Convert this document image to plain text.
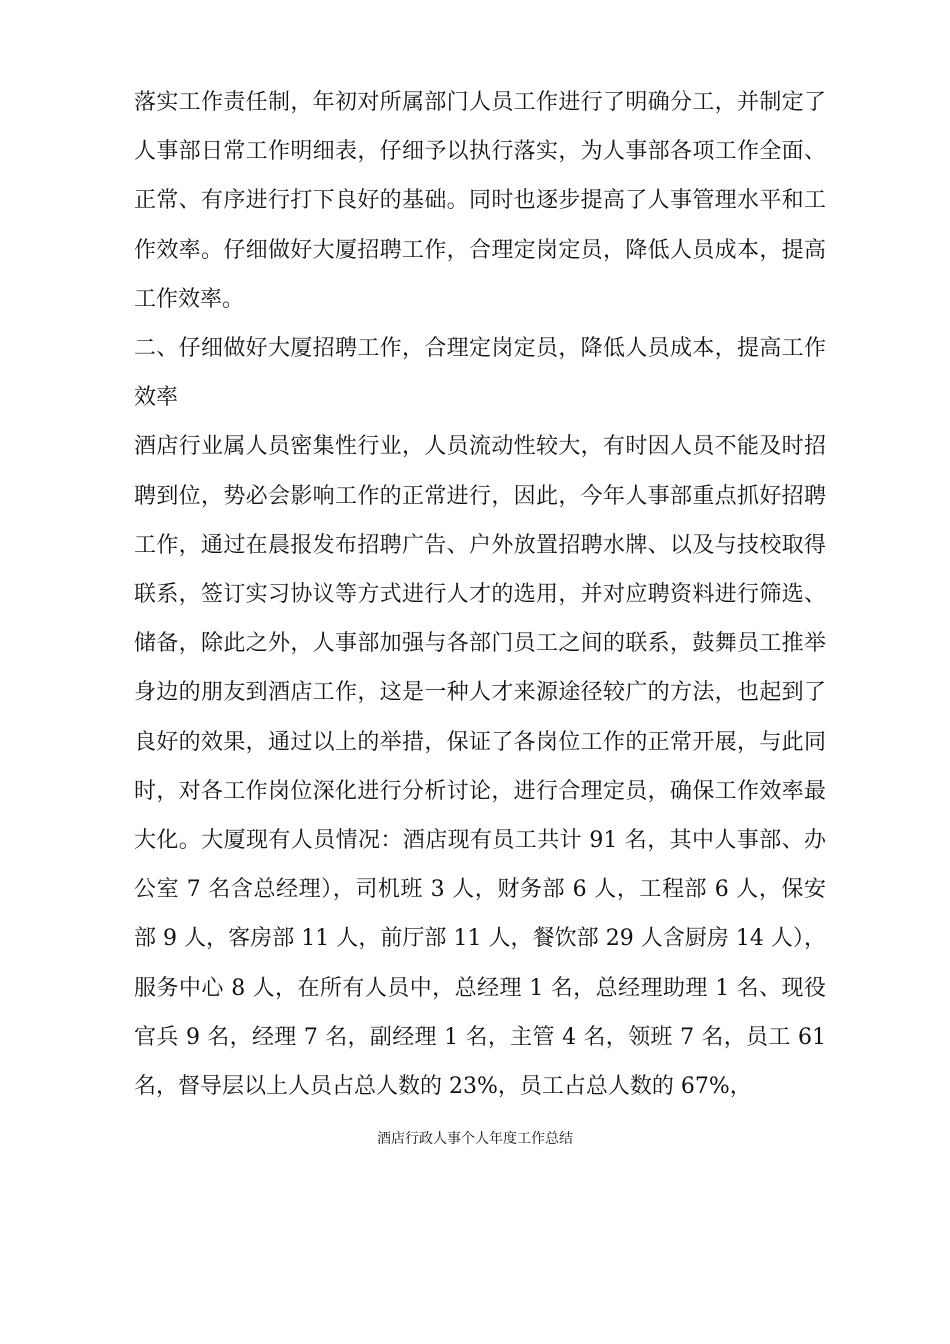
落实工作责任制，年初对所属部门人员工作进行了明确分工，并制定了人事部日常工作明细表，仔细予以执行落实，为人事部各项工作全面、正常、有序进行打下良好的基础。同时也逐步提高了人事管理水平和工作效率。仔细做好大厦招聘工作，合理定岗定员，降低人员成本，提高工作效率。

二、仔细做好大厦招聘工作，合理定岗定员，降低人员成本，提高工作效率

酒店行业属人员密集性行业，人员流动性较大，有时因人员不能及时招聘到位，势必会影响工作的正常进行，因此，今年人事部重点抓好招聘工作，通过在晨报发布招聘广告、户外放置招聘水牌、以及与技校取得联系，签订实习协议等方式进行人才的选用，并对应聘资料进行筛选、储备，除此之外，人事部加强与各部门员工之间的联系，鼓舞员工推举身边的朋友到酒店工作，这是一种人才来源途径较广的方法，也起到了良好的效果，通过以上的举措，保证了各岗位工作的正常开展，与此同时，对各工作岗位深化进行分析讨论，进行合理定员，确保工作效率最大化。大厦现有人员情况：酒店现有员工共计 91 名，其中人事部、办公室 7 名含总经理），司机班 3 人，财务部 6 人，工程部 6 人，保安部 9 人，客房部 11 人，前厅部 11 人，餐饮部 29 人含厨房 14 人），服务中心 8 人，在所有人员中，总经理 1 名，总经理助理 1 名、现役官兵 9 名，经理 7 名，副经理 1 名，主管 4 名，领班 7 名，员工 61 名，督导层以上人员占总人数的 23%，员工占总人数的 67%，

酒店行政人事个人年度工作总结
